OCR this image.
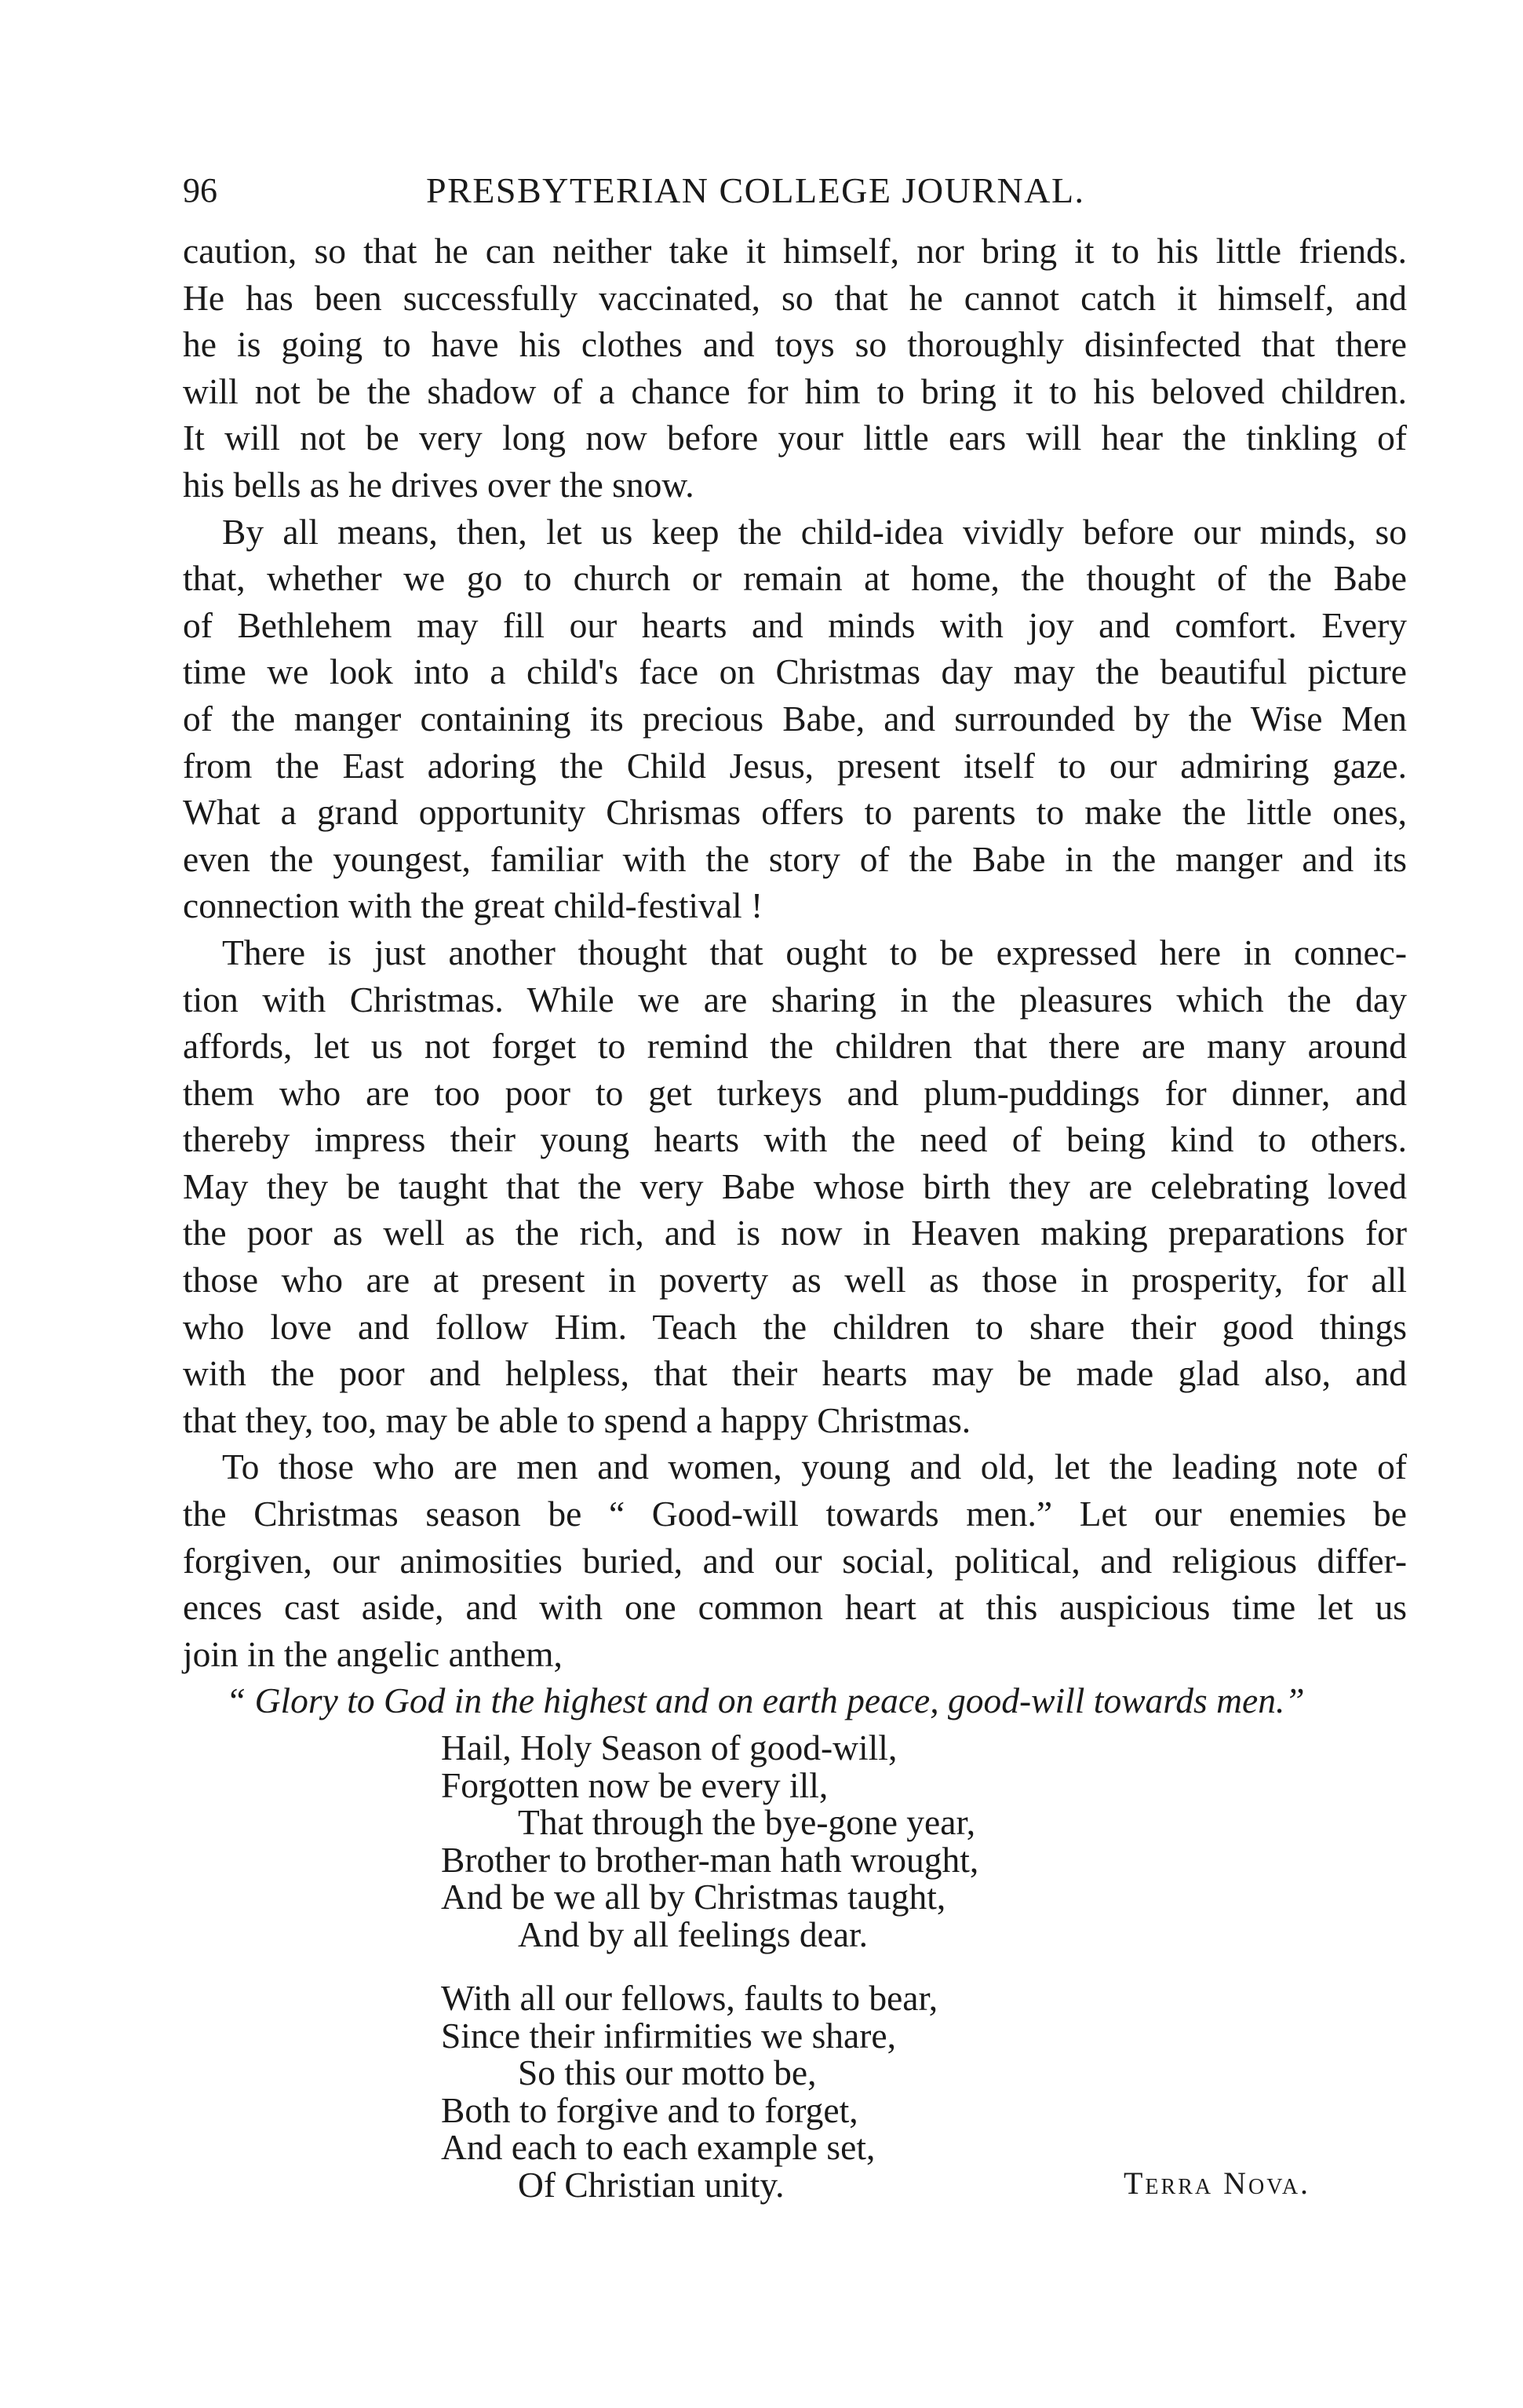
96	PRESBYTERIAN COLLEGE JOURNAL.
caution, so that he can neither take it himself, nor bring it to his little friends.
He has been successfully vaccinated, so that he cannot catch it himself, and
he is going to have his clothes and toys so thoroughly disinfected that there
will not be the shadow of a chance for him to bring it to his beloved children.
It will not be very long now before your little ears will hear the tinkling of
his bells as he drives over the snow.
By all means, then, let us keep the child-idea vividly before our minds, so
that, whether we go to church or remain at home, the thought of the Babe
of Bethlehem may fill our hearts and minds with joy and comfort. Every
time we look into a child's face on Christmas day may the beautiful picture
of the manger containing its precious Babe, and surrounded by the Wise Men
from the East adoring the Child Jesus, present itself to our admiring gaze.
What a grand opportunity Chrismas offers to parents to make the little ones,
even the youngest, familiar with the story of the Babe in the manger and its
connection with the great child-festival !
There is just another thought that ought to be expressed here in connec-
tion with Christmas. While we are sharing in the pleasures which the day
affords, let us not forget to remind the children that there are many around
them who are too poor to get turkeys and plum-puddings for dinner, and
thereby impress their young hearts with the need of being kind to others.
May they be taught that the very Babe whose birth they are celebrating loved
the poor as well as the rich, and is now in Heaven making preparations for
those who are at present in poverty as well as those in prosperity, for all
who love and follow Him. Teach the children to share their good things
with the poor and helpless, that their hearts may be made glad also, and
that they, too, may be able to spend a happy Christmas.
To those who are men and women, young and old, let the leading note of
the Christmas season be “ Good-will towards men.” Let our enemies be
forgiven, our animosities buried, and our social, political, and religious differ-
ences cast aside, and with one common heart at this auspicious time let us
join in the angelic anthem,
“ Glory to God in the highest and on earth peace, good-will towards men.”
Hail, Holy Season of good-will,
Forgotten now be every ill,
That through the bye-gone year,
Brother to brother-man hath wrought,
And be we all by Christmas taught,
And by all feelings dear.
With all our fellows, faults to bear,
Since their infirmities we share,
So this our motto be,
Both to forgive and to forget,
And each to each example set,
Of Christian unity.	Terra Nova.
